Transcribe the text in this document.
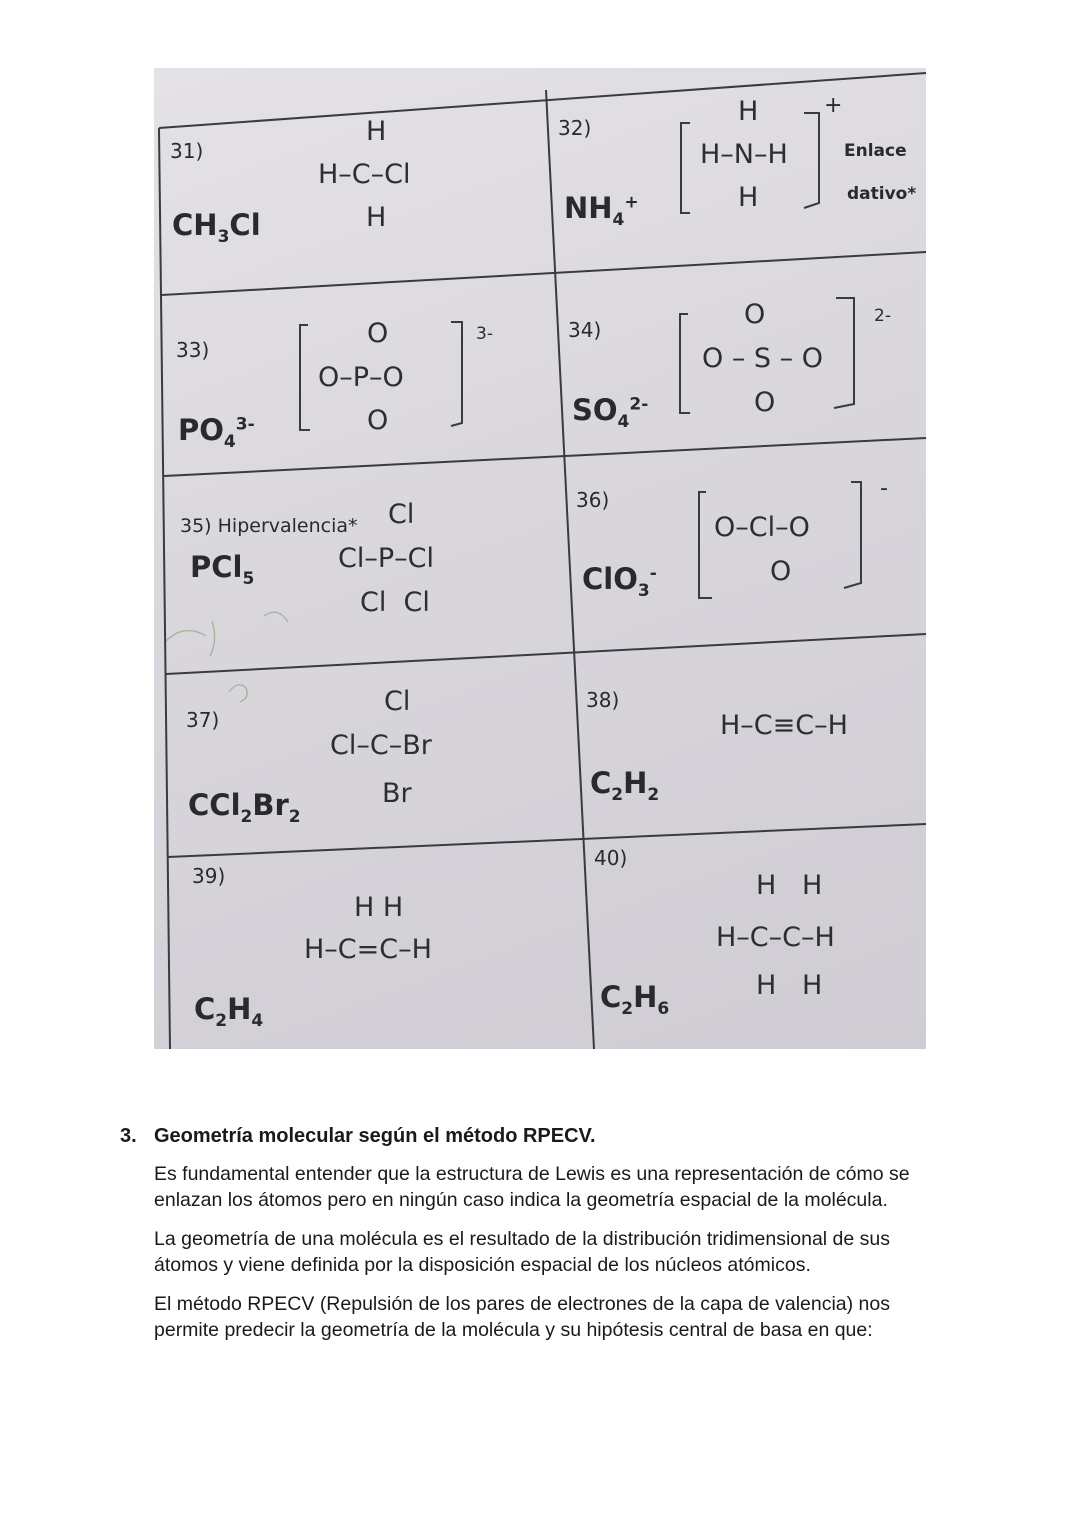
31)
$CH_3Cl$
H
H–C–Cl
H
32)
$NH_4^+$
H
H–N–H
H
+
Enlace
dativo*
33)
$PO_4^{3-}$
O
O–P–O
O
3-	34)
$SO_4^{2-}$
O
O – S – O
O
2-
35) Hipervalencia*
PCl$_5$
Cl
Cl–P–Cl
Cl  Cl
36)
ClO$_3$-
O–Cl–O
O
-
37)
$CCl_2Br_2$
Cl
Cl–C–Br
Br
38)
$C_2H_2$
H–C≡C–H
39)
$C_2H_4$
H H
H–C=C–H
40)
$C_2H_6$
H   H
H–C–C–H
H   H
3. Geometría molecular según el método RPECV.

Es fundamental entender que la estructura de Lewis es una representación de cómo se enlazan los átomos pero en ningún caso indica la geometría espacial de la molécula.

La geometría de una molécula es el resultado de la distribución tridimensional de sus átomos y viene definida por la disposición espacial de los núcleos atómicos.

El método RPECV (Repulsión de los pares de electrones de la capa de valencia) nos permite predecir la geometría de la molécula y su hipótesis central de basa en que:
